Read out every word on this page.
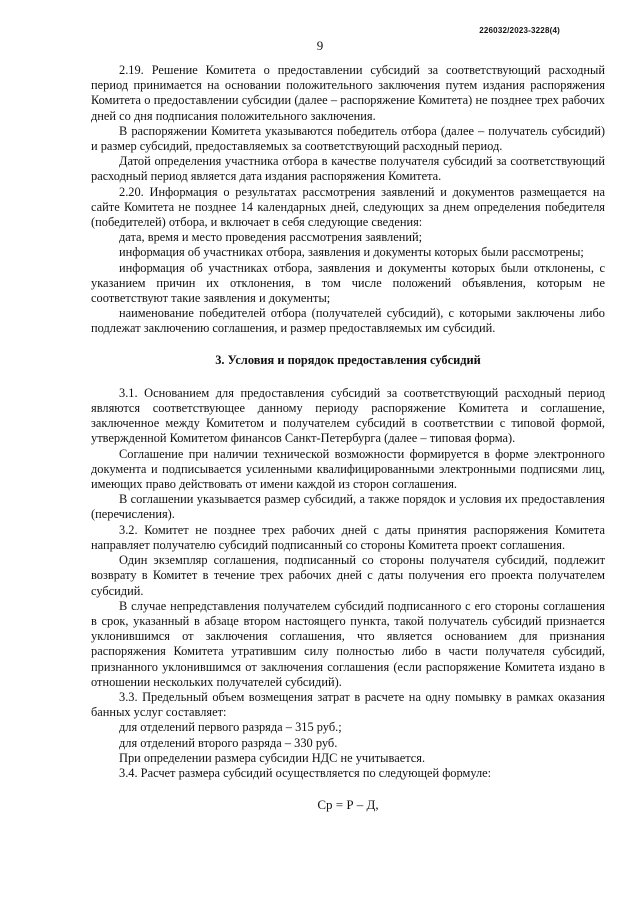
226032/2023-3228(4)
9

2.19. Решение Комитета о предоставлении субсидий за соответствующий расходный период принимается на основании положительного заключения путем издания распоряжения Комитета о предоставлении субсидии (далее – распоряжение Комитета) не позднее трех рабочих дней со дня подписания положительного заключения.

В распоряжении Комитета указываются победитель отбора (далее – получатель субсидий) и размер субсидий, предоставляемых за соответствующий расходный период.

Датой определения участника отбора в качестве получателя субсидий за соответствующий расходный период является дата издания распоряжения Комитета.

2.20. Информация о результатах рассмотрения заявлений и документов размещается на сайте Комитета не позднее 14 календарных дней, следующих за днем определения победителя (победителей) отбора, и включает в себя следующие сведения:

дата, время и место проведения рассмотрения заявлений;

информация об участниках отбора, заявления и документы которых были рассмотрены;

информация об участниках отбора, заявления и документы которых были отклонены, с указанием причин их отклонения, в том числе положений объявления, которым не соответствуют такие заявления и документы;

наименование победителей отбора (получателей субсидий), с которыми заключены либо подлежат заключению соглашения, и размер предоставляемых им субсидий.

3. Условия и порядок предоставления субсидий

3.1. Основанием для предоставления субсидий за соответствующий расходный период являются соответствующее данному периоду распоряжение Комитета и соглашение, заключенное между Комитетом и получателем субсидий в соответствии с типовой формой, утвержденной Комитетом финансов Санкт-Петербурга (далее – типовая форма).

Соглашение при наличии технической возможности формируется в форме электронного документа и подписывается усиленными квалифицированными электронными подписями лиц, имеющих право действовать от имени каждой из сторон соглашения.

В соглашении указывается размер субсидий, а также порядок и условия их предоставления (перечисления).

3.2. Комитет не позднее трех рабочих дней с даты принятия распоряжения Комитета направляет получателю субсидий подписанный со стороны Комитета проект соглашения.

Один экземпляр соглашения, подписанный со стороны получателя субсидий, подлежит возврату в Комитет в течение трех рабочих дней с даты получения его проекта получателем субсидий.

В случае непредставления получателем субсидий подписанного с его стороны соглашения в срок, указанный в абзаце втором настоящего пункта, такой получатель субсидий признается уклонившимся от заключения соглашения, что является основанием для признания распоряжения Комитета утратившим силу полностью либо в части получателя субсидий, признанного уклонившимся от заключения соглашения (если распоряжение Комитета издано в отношении нескольких получателей субсидий).

3.3. Предельный объем возмещения затрат в расчете на одну помывку в рамках оказания банных услуг составляет:

для отделений первого разряда – 315 руб.;

для отделений второго разряда – 330 руб.

При определении размера субсидии НДС не учитывается.

3.4. Расчет размера субсидий осуществляется по следующей формуле:

Ср = Р – Д,
